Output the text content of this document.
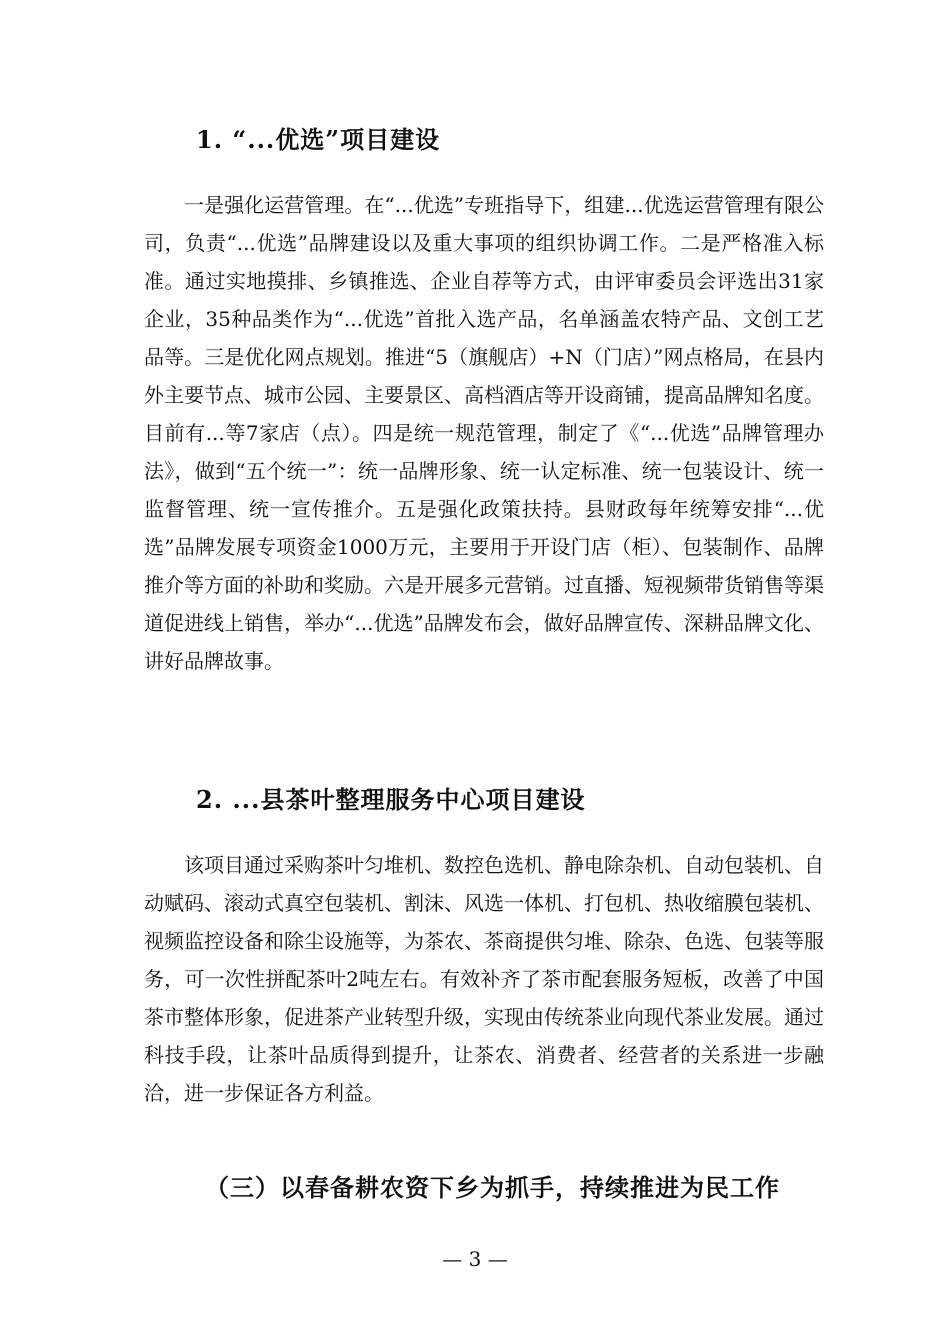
1. “...优选”项目建设

一是强化运营管理。在“...优选”专班指导下，组建...优选运营管理有限公司，负责“...优选”品牌建设以及重大事项的组织协调工作。二是严格准入标准。通过实地摸排、乡镇推选、企业自荐等方式，由评审委员会评选出31家企业，35种品类作为“...优选”首批入选产品，名单涵盖农特产品、文创工艺品等。三是优化网点规划。推进“5（旗舰店）+N（门店）”网点格局，在县内外主要节点、城市公园、主要景区、高档酒店等开设商铺，提高品牌知名度。目前有...等7家店（点）。四是统一规范管理，制定了《“...优选”品牌管理办法》，做到“五个统一”：统一品牌形象、统一认定标准、统一包装设计、统一监督管理、统一宣传推介。五是强化政策扶持。县财政每年统筹安排“...优选”品牌发展专项资金1000万元，主要用于开设门店（柜）、包装制作、品牌推介等方面的补助和奖励。六是开展多元营销。过直播、短视频带货销售等渠道促进线上销售，举办“...优选”品牌发布会，做好品牌宣传、深耕品牌文化、讲好品牌故事。

2. ...县茶叶整理服务中心项目建设

该项目通过采购茶叶匀堆机、数控色选机、静电除杂机、自动包装机、自动赋码、滚动式真空包装机、割沫、风选一体机、打包机、热收缩膜包装机、视频监控设备和除尘设施等，为茶农、茶商提供匀堆、除杂、色选、包装等服务，可一次性拼配茶叶2吨左右。有效补齐了茶市配套服务短板，改善了中国茶市整体形象，促进茶产业转型升级，实现由传统茶业向现代茶业发展。通过科技手段，让茶叶品质得到提升，让茶农、消费者、经营者的关系进一步融洽，进一步保证各方利益。

（三）以春备耕农资下乡为抓手，持续推进为民工作
— 3 —
